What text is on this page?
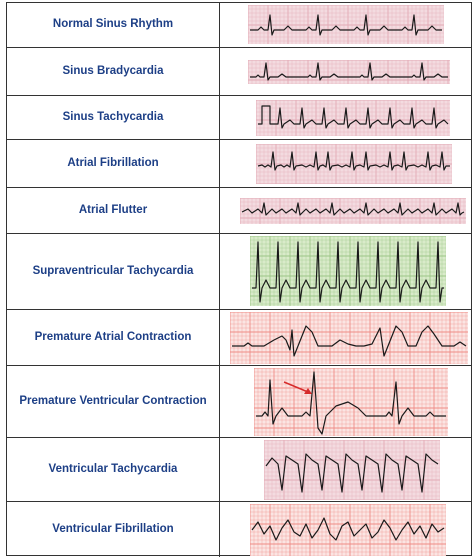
Normal Sinus Rhythm
Sinus Bradycardia
Sinus Tachycardia
Atrial Fibrillation
Atrial Flutter
Supraventricular Tachycardia
Premature Atrial Contraction
Premature Ventricular Contraction
Ventricular Tachycardia
Ventricular Fibrillation
